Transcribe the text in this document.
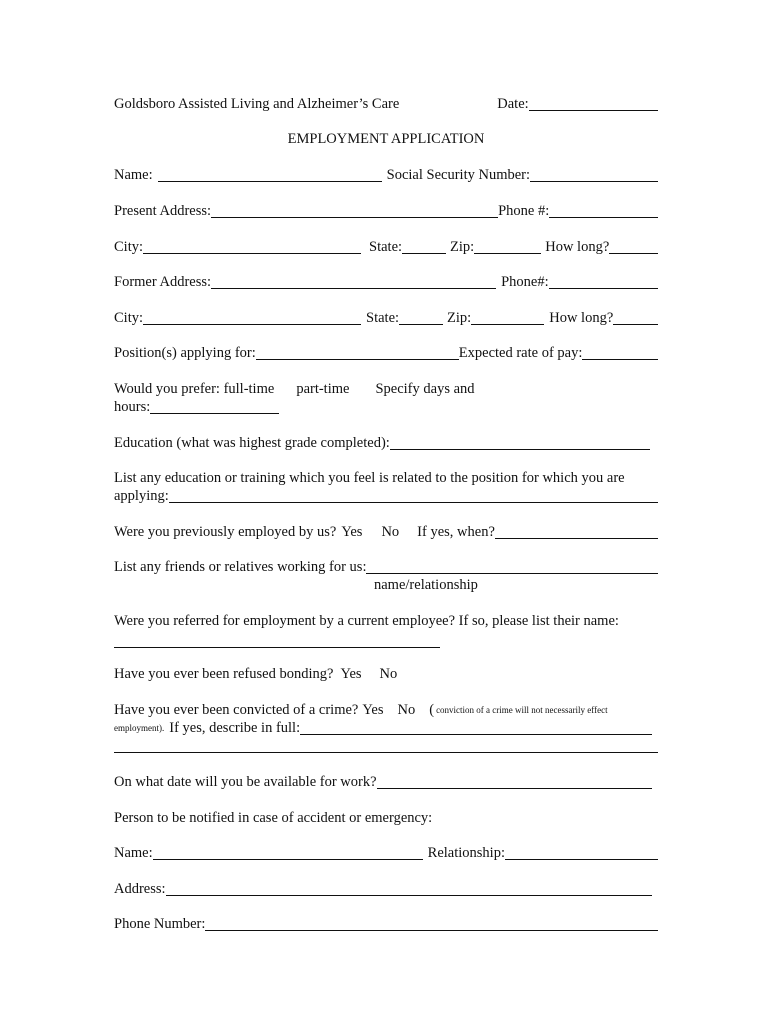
Goldsboro Assisted Living and Alzheimer’s Care	Date:
EMPLOYMENT APPLICATION
Name:	Social Security Number:
Present Address:	Phone #:
City:	State:	Zip:	How long?
Former Address:	Phone#:
City:	State:	Zip:	How long?
Position(s) applying for:	Expected rate of pay:
Would you prefer: full-time part-time Specify days and
hours:
Education (what was highest grade completed):
List any education or training which you feel is related to the position for which you are
applying:
Were you previously employed by us? Yes No If yes, when?
List any friends or relatives working for us:
name/relationship
Were you referred for employment by a current employee? If so, please list their name:
Have you ever been refused bonding? Yes No
Have you ever been convicted of a crime? Yes No ( conviction of a crime will not necessarily effect
employment). If yes, describe in full:
On what date will you be available for work?
Person to be notified in case of accident or emergency:
Name:	Relationship:
Address:
Phone Number:
